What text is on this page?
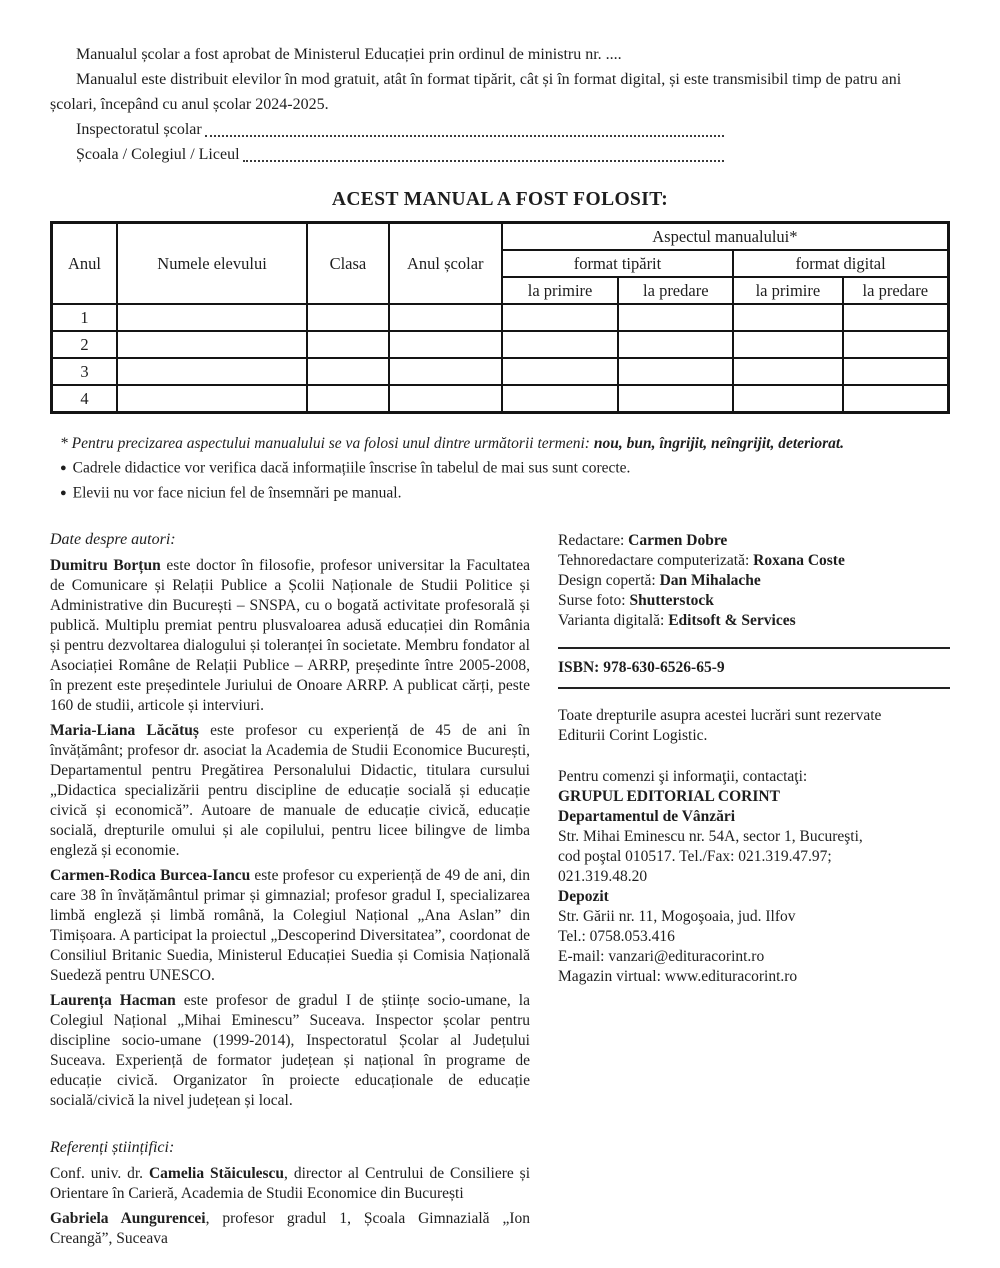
Manualul școlar a fost aprobat de Ministerul Educației prin ordinul de ministru nr. ....

Manualul este distribuit elevilor în mod gratuit, atât în format tipărit, cât și în format digital, și este transmisibil timp de patru ani școlari, începând cu anul școlar 2024-2025.

Inspectoratul școlar
Școala / Colegiul / Liceul
ACEST MANUAL A FOST FOLOSIT:
Anul	Numele elevului	Clasa	Anul școlar	Aspectul manualului*			
				format tipărit		format digital	
				la primire	la predare	la primire	la predare
1							
2							
3							
4							

* Pentru precizarea aspectului manualului se va folosi unul dintre următorii termeni: nou, bun, îngrijit, neîngrijit, deteriorat.

● Cadrele didactice vor verifica dacă informațiile înscrise în tabelul de mai sus sunt corecte.

● Elevii nu vor face niciun fel de însemnări pe manual.

Date despre autori:

Dumitru Borțun este doctor în filosofie, profesor universitar la Facultatea de Comunicare și Relații Publice a Școlii Naționale de Studii Politice și Administrative din București – SNSPA, cu o bogată activitate profesorală și publică. Multiplu premiat pentru plusvaloarea adusă educației din România și pentru dezvoltarea dialogului și toleranței în societate. Membru fondator al Asociației Române de Relații Publice – ARRP, președinte între 2005-2008, în prezent este președintele Juriului de Onoare ARRP. A publicat cărți, peste 160 de studii, articole și interviuri.

Maria-Liana Lăcătuș este profesor cu experiență de 45 de ani în învățământ; profesor dr. asociat la Academia de Studii Economice București, Departamentul pentru Pregătirea Personalului Didactic, titulara cursului „Didactica specializării pentru discipline de educație socială și educație civică și economică”. Autoare de manuale de educație civică, educație socială, drepturile omului și ale copilului, pentru licee bilingve de limba engleză și economie.

Carmen-Rodica Burcea-Iancu este profesor cu experiență de 49 de ani, din care 38 în învățământul primar și gimnazial; profesor gradul I, specializarea limbă engleză și limbă română, la Colegiul Național „Ana Aslan” din Timișoara. A participat la proiectul „Descoperind Diversitatea”, coordonat de Consiliul Britanic Suedia, Ministerul Educației Suedia și Comisia Națională Suedeză pentru UNESCO.

Laurența Hacman este profesor de gradul I de științe socio-umane, la Colegiul Național „Mihai Eminescu” Suceava. Inspector școlar pentru discipline socio-umane (1999-2014), Inspectoratul Școlar al Județului Suceava. Experiență de formator județean și național în programe de educație civică. Organizator în proiecte educaționale de educație socială/civică la nivel județean și local.

Referenți științifici:

Conf. univ. dr. Camelia Stăiculescu, director al Centrului de Consiliere și Orientare în Carieră, Academia de Studii Economice din București

Gabriela Aungurencei, profesor gradul 1, Școala Gimnazială „Ion Creangă”, Suceava

Redactare: Carmen Dobre

Tehnoredactare computerizată: Roxana Coste

Design copertă: Dan Mihalache

Surse foto: Shutterstock

Varianta digitală: Editsoft & Services

ISBN: 978-630-6526-65-9

Toate drepturile asupra acestei lucrări sunt rezervate Editurii Corint Logistic.

Pentru comenzi şi informaţii, contactaţi:

GRUPUL EDITORIAL CORINT

Departamentul de Vânzări

Str. Mihai Eminescu nr. 54A, sector 1, Bucureşti,

cod poştal 010517. Tel./Fax: 021.319.47.97;

021.319.48.20

Depozit

Str. Gării nr. 11, Mogoşoaia, jud. Ilfov

Tel.: 0758.053.416

E-mail: vanzari@edituracorint.ro

Magazin virtual: www.edituracorint.ro
